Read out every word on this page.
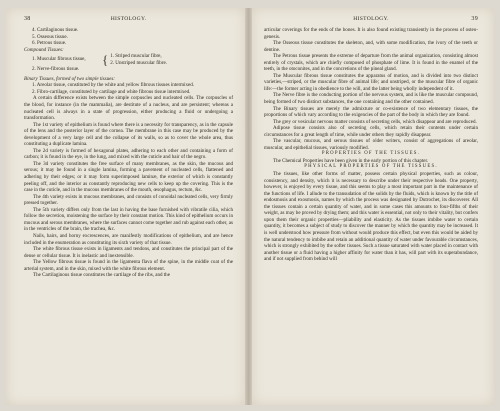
38	HISTOLOGY.

4. Cartilaginous tissue.

5. Osseous tissue.

6. Petrous tissue.

Compound Tissues:

1. Muscular fibrous tissue,	{ 1. Striped muscular fibre,
2. Unstriped muscular fibre.

2. Nerve-fibrous tissue.

Binary Tissues, formed of two simple tissues:

1. Areolar tissue, constituted by the white and yellow fibrous tissues intermixed.

2. Fibro-cartilage, constituted by cartilage and white fibrous tissue intermixed.

A certain difference exists between the simple corpuscles and nucleated cells. The corpuscles of the blood, for instance (in the mammalia), are destitute of a nucleus, and are persistent; whereas a nucleated cell is always in a state of progression, either producing a fluid or undergoing a transformation.

The 1st variety of epithelium is found where there is a necessity for transparency, as in the capsule of the lens and the posterior layer of the cornea. The membrane in this case may be produced by the development of a very large cell and the collapse of its walls, so as to cover the whole area, thus constituting a duplicate lamina.

The 2d variety is formed of hexagonal plates, adhering to each other and containing a form of carbon; it is found in the eye, in the lung, and mixed with the cuticle and hair of the negro.

The 3d variety constitutes the free surface of many membranes, as the skin, the mucous and serous; it may be found in a single lamina, forming a pavement of nucleated cells, flattened and adhering by their edges; or it may form superimposed laminæ, the exterior of which is constantly peeling off, and the interior as constantly reproducing new cells to keep up the covering. This is the case in the cuticle, and in the mucous membranes of the mouth, œsophagus, rectum, &c.

The 4th variety exists in mucous membranes, and consists of conoidal nucleated cells, very firmly pressed together.

The 5th variety differs only from the last in having the base furnished with vibratile cilia, which follow the secretion, moistening the surface by their constant motion. This kind of epithelium occurs in mucous and serous membranes, where the surfaces cannot come together and rub against each other, as in the ventricles of the brain, the trachea, &c.

Nails, hairs, and horny excrescences, are manifestly modifications of epithelium, and are hence included in the enumeration as constituting its sixth variety of that tissue.

The white fibrous tissue exists in ligaments and tendons, and constitutes the principal part of the dense or cellular tissue. It is inelastic and inextensible.

The Yellow fibrous tissue is found in the ligamenta flava of the spine, in the middle coat of the arterial system, and in the skin, mixed with the white fibrous element.

The Cartilaginous tissue constitutes the cartilage of the ribs, and the

HISTOLOGY.	39

articular coverings for the ends of the bones. It is also found existing transiently in the process of osteo-genesis.

The Osseous tissue constitutes the skeleton, and, with some modification, the ivory of the teeth or dentine.

The Petrous tissue presents the extreme of departure from the animal organization, consisting almost entirely of crystals, which are chiefly composed of phosphate of lime. It is found in the enamel of the teeth, in the otoconites, and in the concretions of the pineal gland.

The Muscular fibrous tissue constitutes the apparatus of motion, and is divided into two distinct varieties,—striped, or the muscular fibre of animal life; and unstriped, or the muscular fibre of organic life:—the former acting in obedience to the will, and the latter being wholly independent of it.

The Nerve fibre is the conducting portion of the nervous system, and is like the muscular compound, being formed of two distinct substances, the one containing and the other contained.

The Binary tissues are merely the admixture or co-existence of two elementary tissues, the proportions of which vary according to the exigencies of the part of the body in which they are found.

The grey or vesicular nervous matter consists of secreting cells, which disappear and are reproduced.

Adipose tissue consists also of secreting cells, which retain their contents under certain circumstances for a great length of time, while under others they rapidly disappear.

The vascular, mucous, and serous tissues of older writers, consist of aggregations of areolar, muscular, and epithelial tissues, variously modified.

PROPERTIES OF THE TISSUES.

The Chemical Properties have been given in the early portion of this chapter.

PHYSICAL PROPERTIES OF THE TISSUES.

The tissues, like other forms of matter, possess certain physical properties, such as colour, consistency, and density, which it is necessary to describe under their respective heads. One property, however, is enjoyed by every tissue, and this seems to play a most important part in the maintenance of the functions of life. I allude to the transudation of the solids by the fluids, which is known by the title of endosmosis and exosmosis, names by which the process was designated by Dutrochet, its discoverer. All the tissues contain a certain quantity of water, and in some cases this amounts to four-fifths of their weight, as may be proved by drying them; and this water is essential, not only to their vitality, but confers upon them their organic properties—pliability and elasticity. As the tissues imbibe water to certain quantity, it becomes a subject of study to discover the manner by which the quantity may be increased. It is well understood how pressure from without would produce this effect, but even this would be aided by the natural tendency to imbibe and retain an additional quantity of water under favourable circumstances, which is strongly exhibited by the softer tissues. Such a tissue saturated with water placed in contact with another tissue or a fluid having a higher affinity for water than it has, will part with its superabundance, and if not supplied from behind will
